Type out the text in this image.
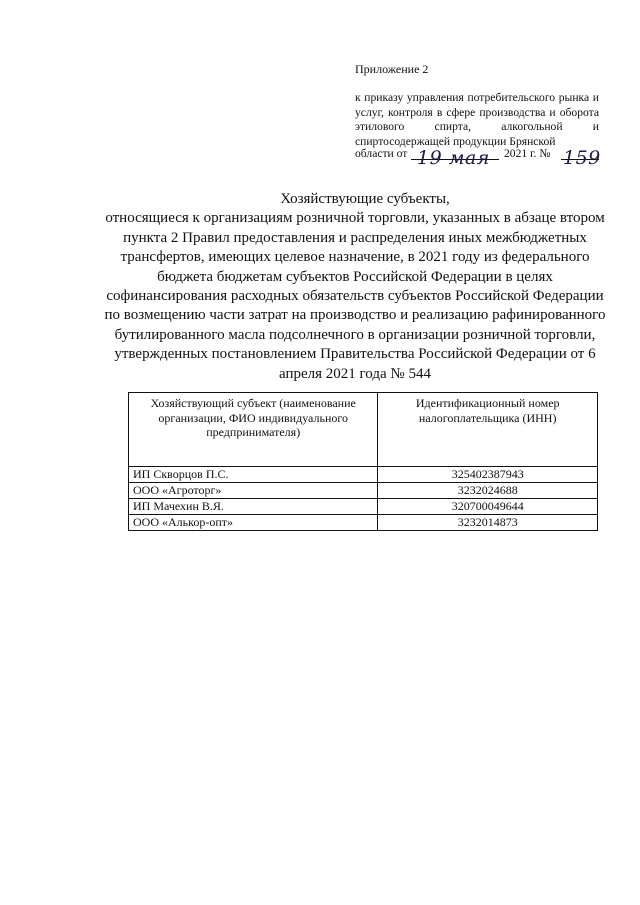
Приложение 2

к приказу управления потребительского рынка и услуг, контроля в сфере производства и оборота этилового спирта, алкогольной и спиртосодержащей продукции Брянской

области от 19 мая 2021 г. № 159
Хозяйствующие субъекты,
относящиеся к организациям розничной торговли, указанных в абзаце втором пункта 2 Правил предоставления и распределения иных межбюджетных трансфертов, имеющих целевое назначение, в 2021 году из федерального бюджета бюджетам субъектов Российской Федерации в целях софинансирования расходных обязательств субъектов Российской Федерации по возмещению части затрат на производство и реализацию рафинированного бутилированного масла подсолнечного в организации розничной торговли, утвержденных постановлением Правительства Российской Федерации от 6 апреля 2021 года № 544
Хозяйствующий субъект (наименование организации, ФИО индивидуального предпринимателя)	Идентификационный номер налогоплательщика (ИНН)
ИП Скворцов П.С.	325402387943
ООО «Агроторг»	3232024688
ИП Мачехин В.Я.	320700049644
ООО «Алькор-опт»	3232014873
